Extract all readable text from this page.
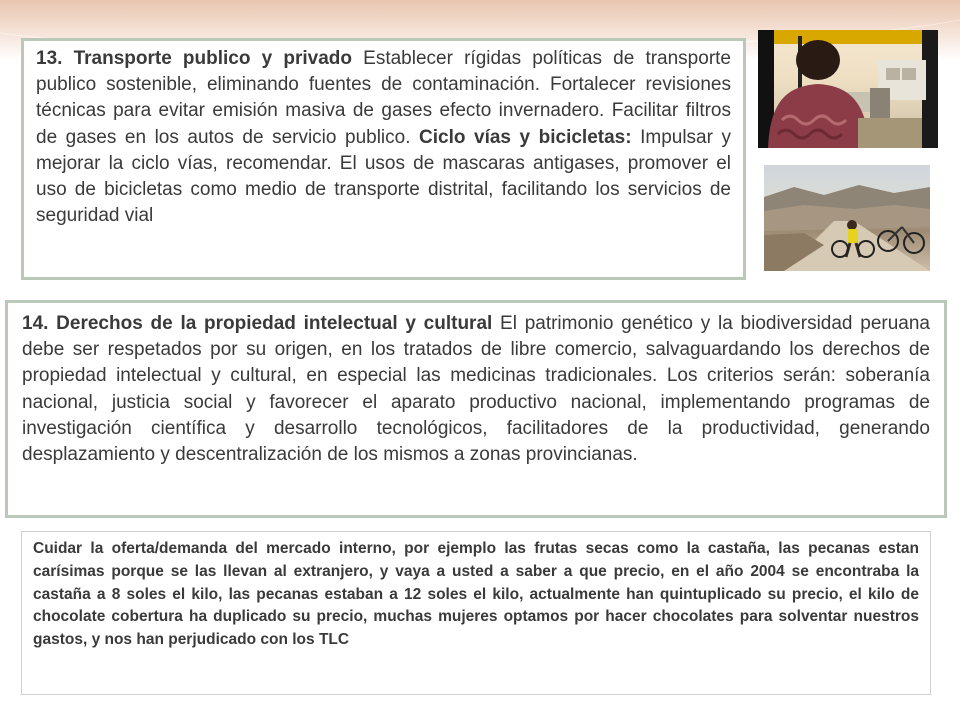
13. Transporte publico y privado Establecer rígidas políticas de transporte publico sostenible, eliminando fuentes de contaminación. Fortalecer revisiones técnicas para evitar emisión masiva de gases efecto invernadero. Facilitar filtros de gases en los autos de servicio publico. Ciclo vías y bicicletas: Impulsar y mejorar la ciclo vías, recomendar. El usos de mascaras antigases, promover el uso de bicicletas como medio de transporte distrital, facilitando los servicios de seguridad vial

14. Derechos de la propiedad intelectual y cultural El patrimonio genético y la biodiversidad peruana debe ser respetados por su origen, en los tratados de libre comercio, salvaguardando los derechos de propiedad intelectual y cultural, en especial las medicinas tradicionales. Los criterios serán: soberanía nacional, justicia social y favorecer el aparato productivo nacional, implementando programas de investigación científica y desarrollo tecnológicos, facilitadores de la productividad, generando desplazamiento y descentralización de los mismos a zonas provincianas.

Cuidar la oferta/demanda del mercado interno, por ejemplo las frutas secas como la castaña, las pecanas estan carísimas porque se las llevan al extranjero, y vaya a usted a saber a que precio, en el año 2004 se encontraba la castaña a 8 soles el kilo, las pecanas estaban a 12 soles el kilo, actualmente han quintuplicado su precio, el kilo de chocolate cobertura ha duplicado su precio, muchas mujeres optamos por hacer chocolates para solventar nuestros gastos, y nos han perjudicado con los TLC
